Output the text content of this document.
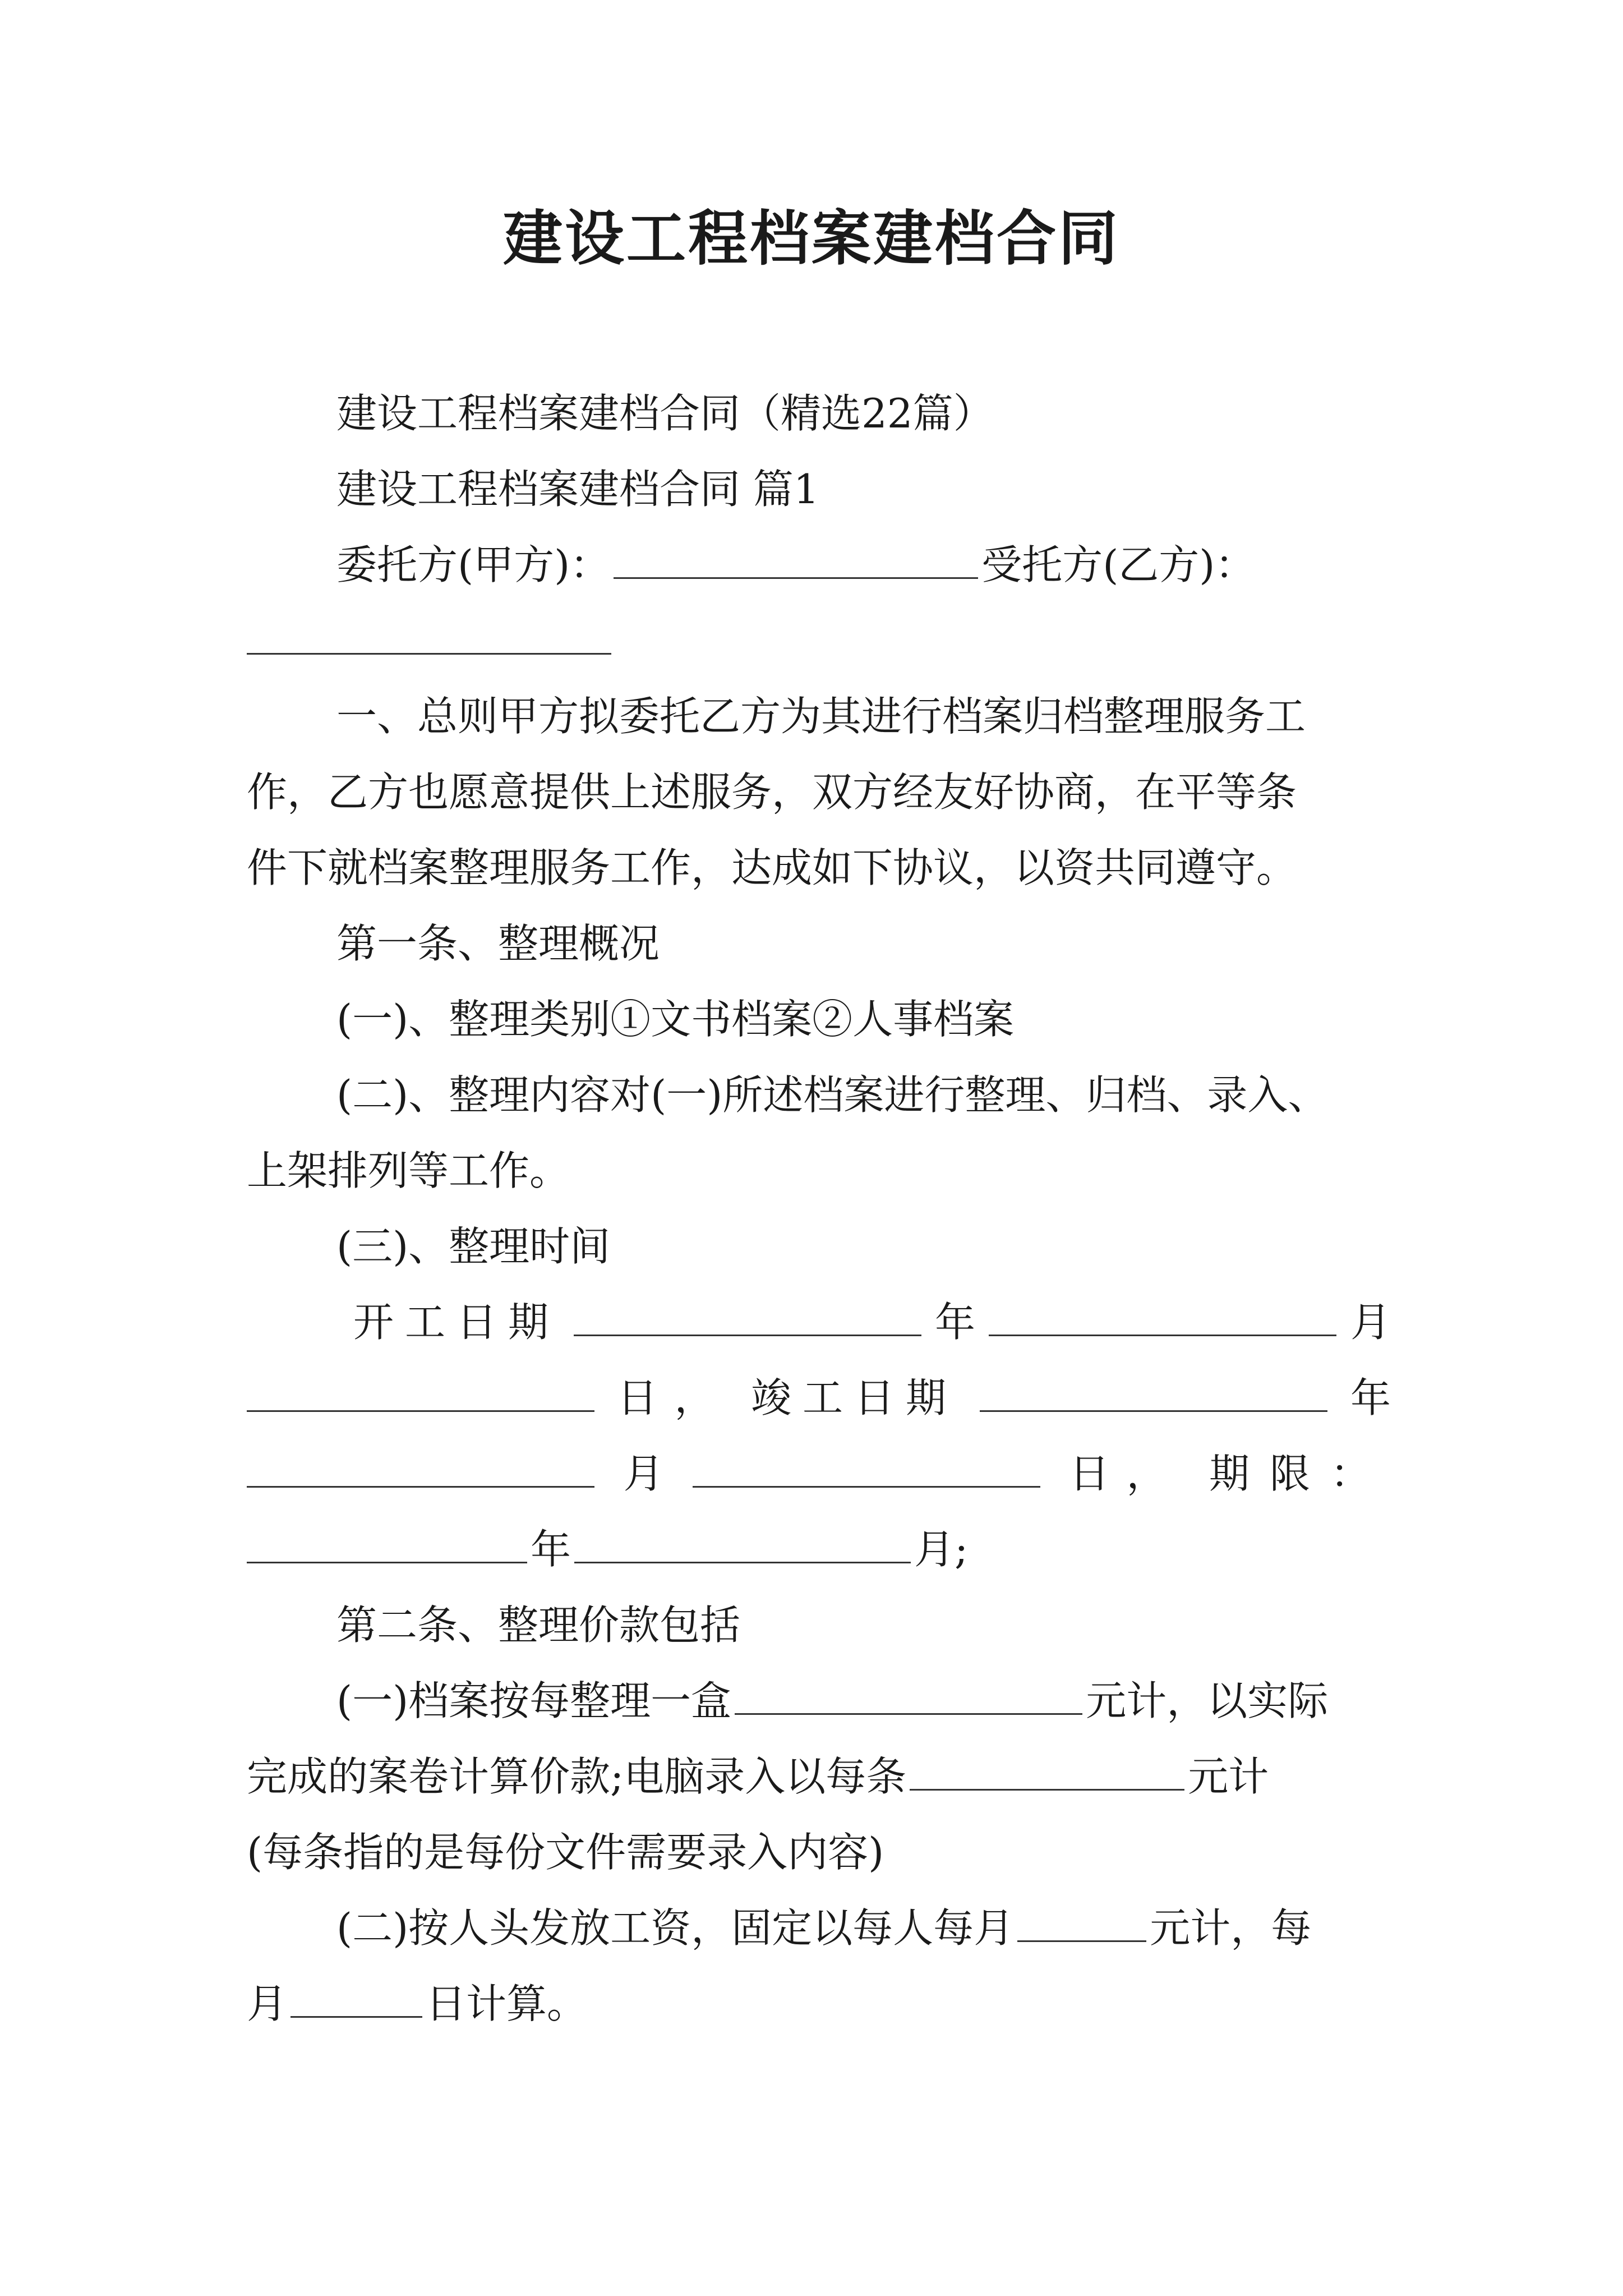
建设工程档案建档合同
建设工程档案建档合同（精选22篇）
建设工程档案建档合同 篇1
委托方(甲方)：	受托方(乙方)：
一、总则甲方拟委托乙方为其进行档案归档整理服务工
作，乙方也愿意提供上述服务，双方经友好协商，在平等条
件下就档案整理服务工作，达成如下协议，以资共同遵守。
第一条、整理概况
(一)、整理类别①文书档案②人事档案
(二)、整理内容对(一)所述档案进行整理、归档、录入、
上架排列等工作。
(三)、整理时间
开工日期	年	月
日， 竣工日期	年
月	日， 期限：
年	月;
第二条、整理价款包括
(一)档案按每整理一盒	元计，以实际
完成的案卷计算价款;电脑录入以每条	元计
(每条指的是每份文件需要录入内容)
(二)按人头发放工资，固定以每人每月	元计，每
月	日计算。
